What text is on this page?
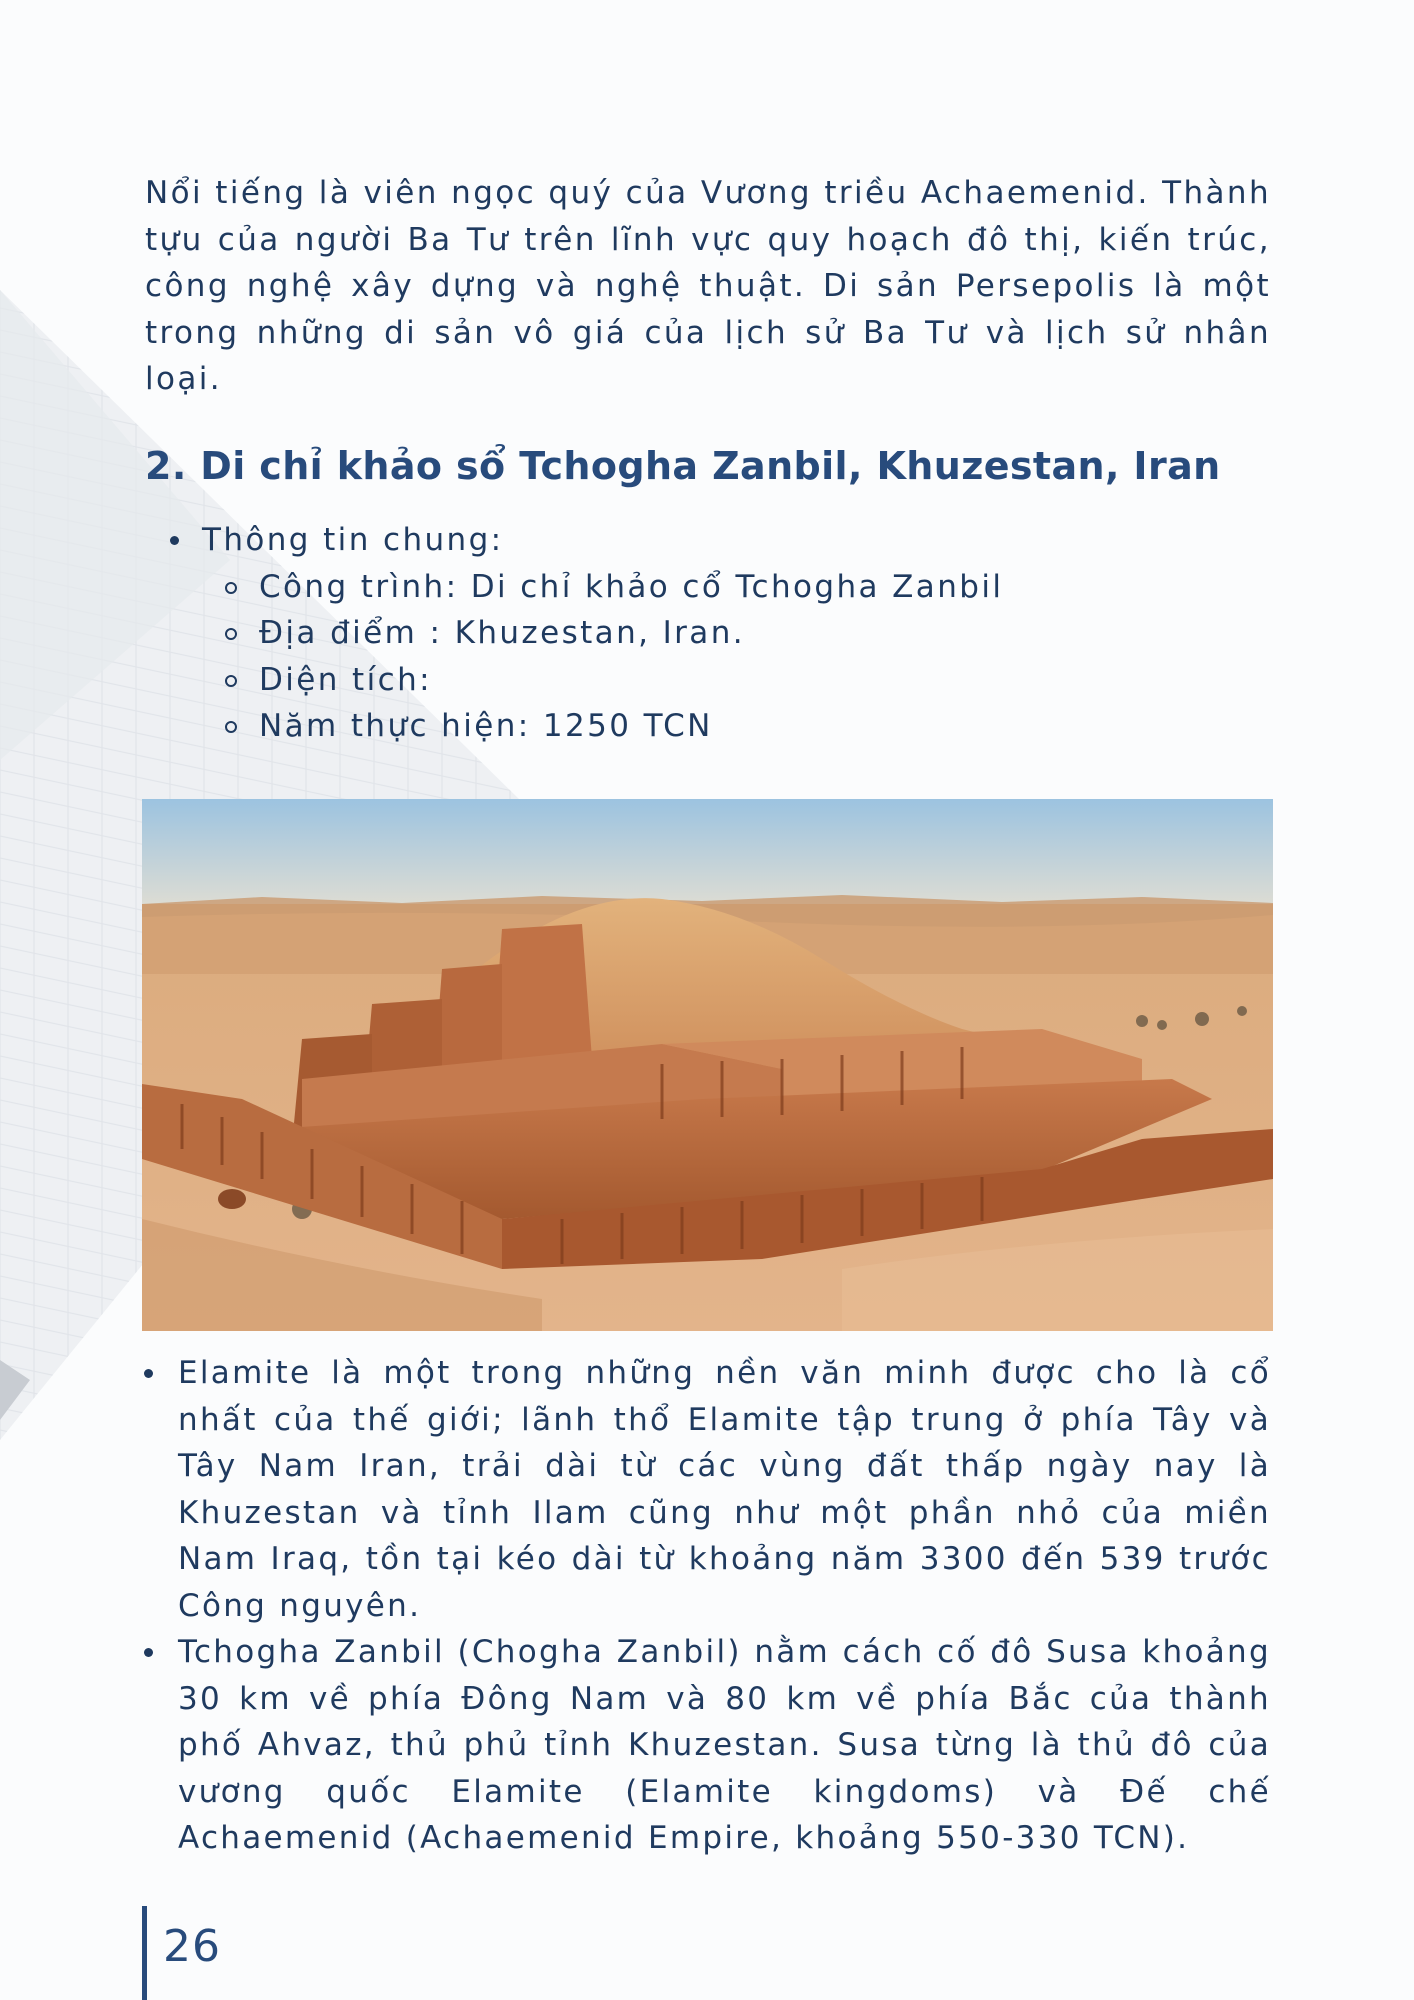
Nổi tiếng là viên ngọc quý của Vương triều Achaemenid. Thành tựu của người Ba Tư trên lĩnh vực quy hoạch đô thị, kiến trúc, công nghệ xây dựng và nghệ thuật. Di sản Persepolis là một trong những di sản vô giá của lịch sử Ba Tư và lịch sử nhân loại.

2. Di chỉ khảo sổ Tchogha Zanbil, Khuzestan, Iran
Thông tin chung:
Công trình: Di chỉ khảo cổ Tchogha Zanbil
Địa điểm : Khuzestan, Iran.
Diện tích:
Năm thực hiện: 1250 TCN
Elamite là một trong những nền văn minh được cho là cổ nhất của thế giới; lãnh thổ Elamite tập trung ở phía Tây và Tây Nam Iran, trải dài từ các vùng đất thấp ngày nay là Khuzestan và tỉnh Ilam cũng như một phần nhỏ của miền Nam Iraq, tồn tại kéo dài từ khoảng năm 3300 đến 539 trước Công nguyên.
Tchogha Zanbil (Chogha Zanbil) nằm cách cố đô Susa khoảng 30 km về phía Đông Nam và 80 km về phía Bắc của thành phố Ahvaz, thủ phủ tỉnh Khuzestan. Susa từng là thủ đô của vương quốc Elamite (Elamite kingdoms) và Đế chế Achaemenid (Achaemenid Empire, khoảng 550-330 TCN).
26
